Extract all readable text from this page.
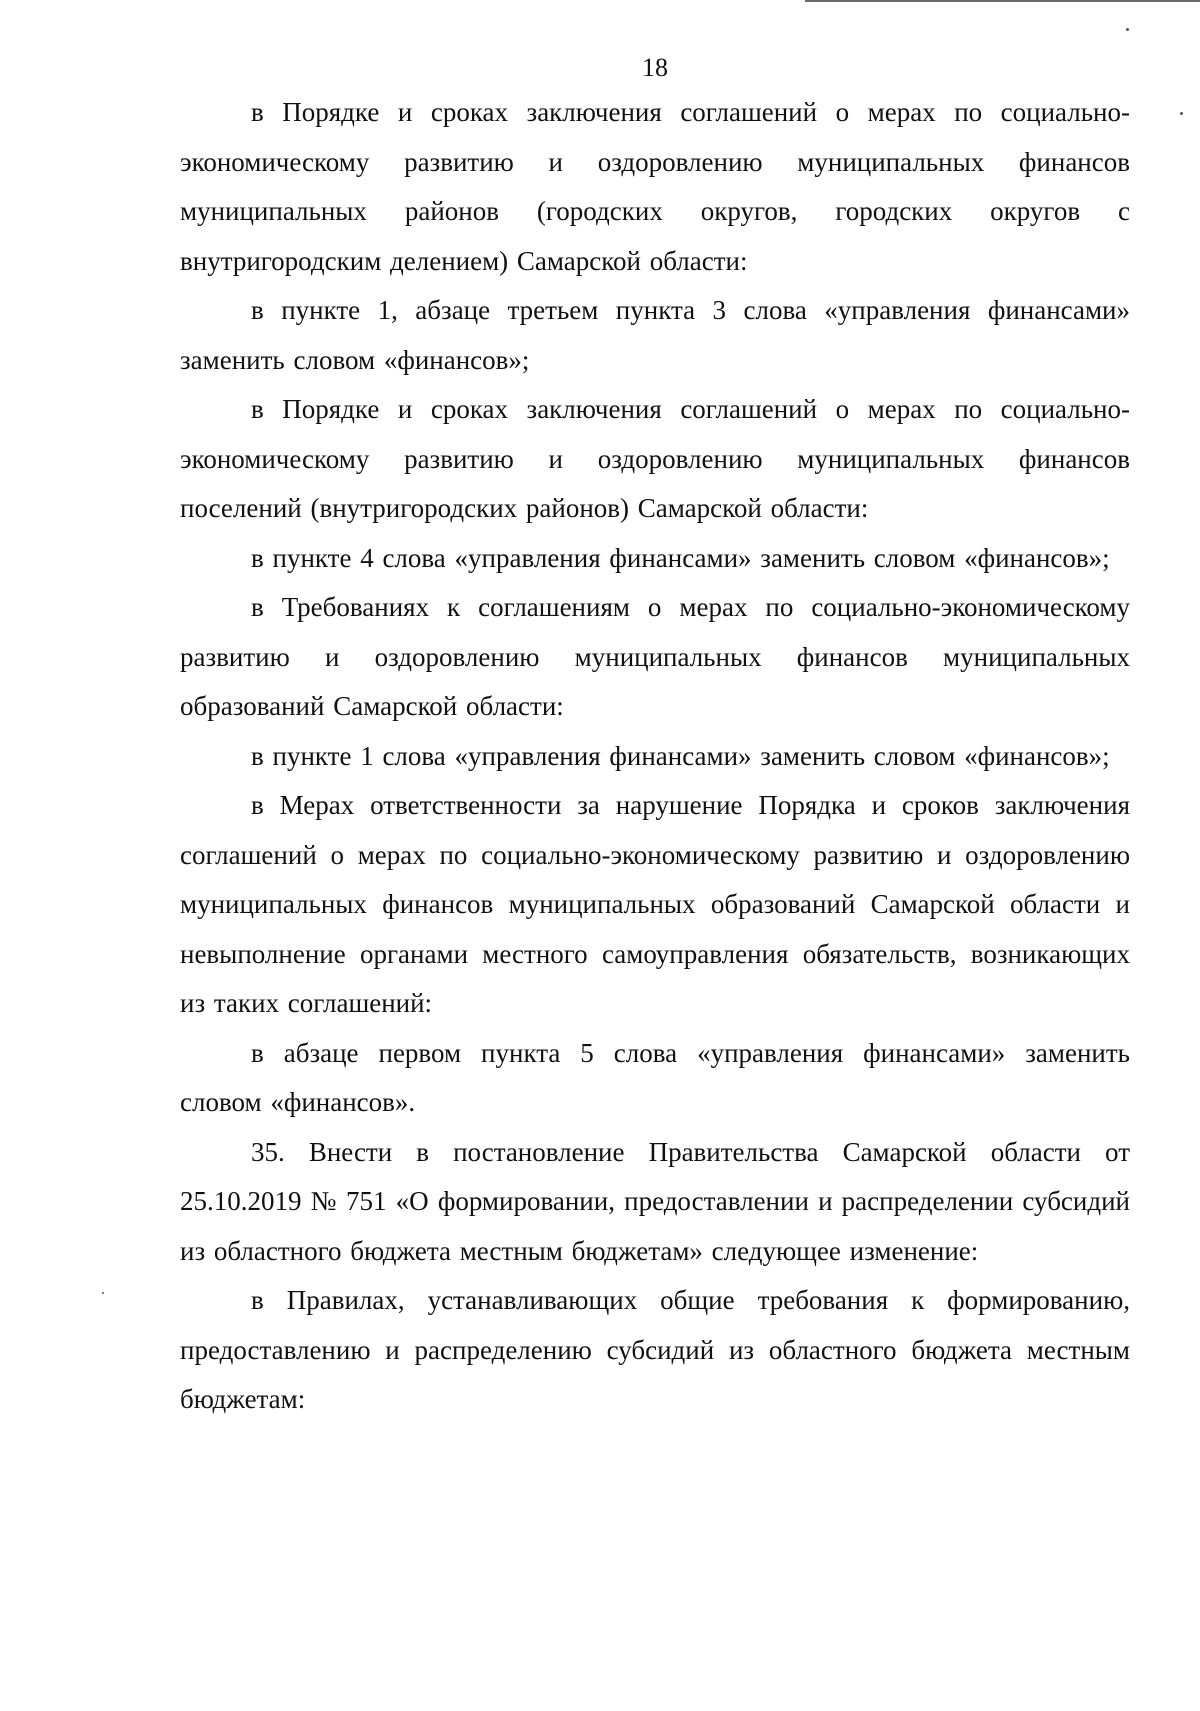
18

в Порядке и сроках заключения соглашений о мерах по социально-экономическому развитию и оздоровлению муниципальных финансов муниципальных районов (городских округов, городских округов с внутригородским делением) Самарской области:

в пункте 1, абзаце третьем пункта 3 слова «управления финансами» заменить словом «финансов»;

в Порядке и сроках заключения соглашений о мерах по социально-экономическому развитию и оздоровлению муниципальных финансов поселений (внутригородских районов) Самарской области:

в пункте 4 слова «управления финансами» заменить словом «финансов»;

в Требованиях к соглашениям о мерах по социально-экономическому развитию и оздоровлению муниципальных финансов муниципальных образований Самарской области:

в пункте 1 слова «управления финансами» заменить словом «финансов»;

в Мерах ответственности за нарушение Порядка и сроков заключения соглашений о мерах по социально-экономическому развитию и оздоровлению муниципальных финансов муниципальных образований Самарской области и невыполнение органами местного самоуправления обязательств, возникающих из таких соглашений:

в абзаце первом пункта 5 слова «управления финансами» заменить словом «финансов».

35. Внести в постановление Правительства Самарской области от 25.10.2019 № 751 «О формировании, предоставлении и распределении субсидий из областного бюджета местным бюджетам» следующее изменение:

в Правилах, устанавливающих общие требования к формированию, предоставлению и распределению субсидий из областного бюджета местным бюджетам:
